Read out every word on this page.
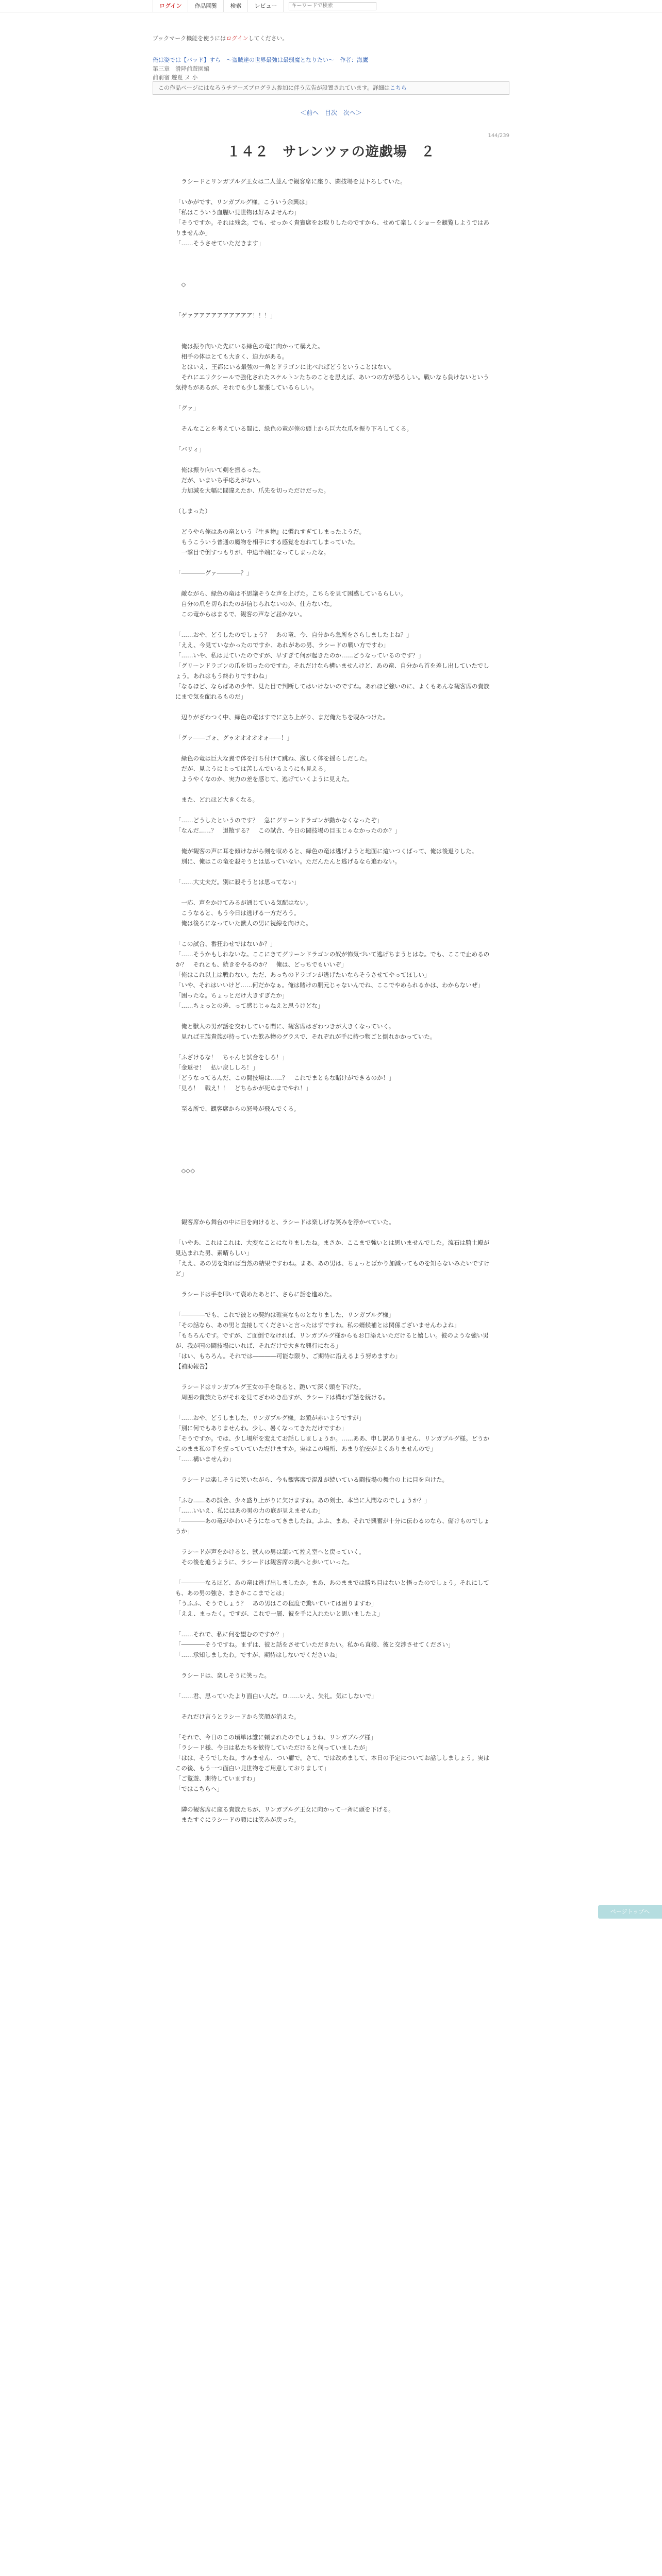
ログイン	作品閲覧	検索	レビュー
キーワードで検索
ブックマーク機能を使うにはログインしてください。
俺は姿では【バッド】すら　～盗賊達の世界最強は最弱魔となりたい～　作者：海鷹
第三章　滑降前遊園編
前前宿 遊夏 ヌ 小
この作品ページにはなろうチアーズプログラム参加に伴う広告が設置されています。詳細はこちら
＜前へ 目次 次へ＞
144/239
１４２　サレンツァの遊戯場　２

　ラシードとリンガブルグ王女は二人並んで観客席に座り、闘技場を見下ろしていた。

「いかがです、リンガブルグ様。こういう余興は」

「私はこういう血腥い見世物は好みませんわ」

「そうですか。それは残念。でも、せっかく貴賓席をお取りしたのですから、せめて楽しくショーを観覧しようではありませんか」

「……そうさせていただきます」

　◇

「ゲァアアアアアアアアアア！！！」

　俺は振り向いた先にいる緑色の竜に向かって構えた。

　相手の体はとても大きく、迫力がある。

　とはいえ、王都にいる最強の一角とドラゴンに比べればどうということはない。

　それにエリクシールで強化されたスケルトンたちのことを思えば、あいつの方が恐ろしい。戦いなら負けないという気持ちがあるが、それでも少し緊張しているらしい。

「グァ」

　そんなことを考えている間に、緑色の竜が俺の頭上から巨大な爪を振り下ろしてくる。

「バリィ」

　俺は振り向いて剣を振るった。

　だが、いまいち手応えがない。

　力加減を大幅に間違えたか、爪先を切っただけだった。

（しまった）

　どうやら俺はあの竜という『生き物』に慣れすぎてしまったようだ。

　もうこういう普通の魔物を相手にする感覚を忘れてしまっていた。

　一撃目で倒すつもりが、中途半端になってしまったな。

「――――グァ――――？」

　敵ながら、緑色の竜は不思議そうな声を上げた。こちらを見て困惑しているらしい。

　自分の爪を切られたのが信じられないのか、仕方ないな。

　この竜からはまるで、観客の声など届かない。

「……おや、どうしたのでしょう？　あの竜、今、自分から急所をさらしましたよね？」

「ええ、今見ていなかったのですか、あれがあの男、ラシードの戦い方ですわ」

「……いや、私は見ていたのですが、早すぎて何が起きたのか……どうなっているのです？」

「グリーンドラゴンの爪を切ったのですわ。それだけなら構いませんけど、あの竜、自分から首を差し出していたでしょう。あれはもう終わりですわね」

「なるほど、ならばあの少年、見た目で判断してはいけないのですね。あれほど強いのに、よくもあんな観客席の貴族にまで気を配れるものだ」

　辺りがざわつく中、緑色の竜はすでに立ち上がり、まだ俺たちを睨みつけた。

「グァ――ゴォ、グゥオオオオオォ――！」

　緑色の竜は巨大な翼で体を打ち付けて跳ね、激しく体を揺らしだした。

　だが、見ようによっては苦しんでいるようにも見える。

　ようやくなのか、実力の差を感じて、逃げていくように見えた。

　また、どれほど大きくなる。

「……どうしたというのです？　急にグリーンドラゴンが動かなくなったぞ」

「なんだ……？　退散する？　この試合、今日の闘技場の目玉じゃなかったのか？」

　俺が観客の声に耳を傾けながら剣を収めると、緑色の竜は逃げようと地面に這いつくばって、俺は後退りした。

　別に、俺はこの竜を殺そうとは思っていない。ただんたんと逃げるなら追わない。

「……大丈夫だ。別に殺そうとは思ってない」

　一応、声をかけてみるが通じている気配はない。

　こうなると、もう今日は逃げる一方だろう。

　俺は後ろになっていた獣人の男に視線を向けた。

「この試合、番狂わせではないか？」

「……そうかもしれないな。ここにきてグリーンドラゴンの奴が怖気づいて逃げちまうとはな。でも、ここで止めるのか？　それとも、続きをやるのか？　俺は、どっちでもいいぞ」

「俺はこれ以上は戦わない。ただ、あっちのドラゴンが逃げたいならそうさせてやってほしい」

「いや、それはいいけど……何だかなぁ。俺は賭けの胴元じゃないんでね、ここでやめられるかは、わからないぜ」

「困ったな。ちょっとだけ大きすぎたか」

「……ちょっとの差、って感じじゃねえと思うけどな」

　俺と獣人の男が話を交わしている間に、観客席はざわつきが大きくなっていく。

　見れば王族貴族が持っていた飲み物のグラスで、それぞれが手に持つ物ごと倒れかかっていた。

「ふざけるな！　ちゃんと試合をしろ！」

「金返せ！　払い戻ししろ！」

「どうなってるんだ、この闘技場は……？　これでまともな賭けができるのか！」

「見ろ！　戦え！！　どちらかが死ぬまでやれ！」

　至る所で、観客席からの怒号が飛んでくる。

　◇◇◇

　観客席から舞台の中に目を向けると、ラシードは楽しげな笑みを浮かべていた。

「いやあ、これはこれは、大変なことになりましたね。まさか、ここまで強いとは思いませんでした。流石は騎士殿が見込まれた男、素晴らしい」

「ええ、あの男を知れば当然の結果ですわね。まあ、あの男は、ちょっとばかり加減ってものを知らないみたいですけど」

　ラシードは手を叩いて褒めたあとに、さらに話を進めた。

「――――でも、これで彼との契約は確実なものとなりました、リンガブルグ様」

「その話なら、あの男と直接してくださいと言ったはずですわ。私の婿候補とは関係ございませんわよね」

「もちろんです。ですが、ご面倒でなければ、リンガブルグ様からもお口添えいただけると嬉しい。彼のような強い男が、我が国の闘技場にいれば、それだけで大きな興行になる」

「はい、もちろん。それでは――――可能な限り、ご期待に沿えるよう努めますわ」

【補助報告】

　ラシードはリンガブルグ王女の手を取ると、跪いて深く頭を下げた。

　周囲の貴族たちがそれを見てざわめき出すが、ラシードは構わず話を続ける。

「……おや、どうしました、リンガブルグ様。お顔が赤いようですが」

「別に何でもありませんわ。少し、暑くなってきただけですわ」

「そうですか。では、少し場所を変えてお話ししましょうか。……ああ、申し訳ありません、リンガブルグ様。どうかこのまま私の手を握っていていただけますか。実はこの場所、あまり治安がよくありませんので」

「……構いませんわ」

　ラシードは楽しそうに笑いながら、今も観客席で混乱が続いている闘技場の舞台の上に目を向けた。

「ふむ……あの試合、少々盛り上がりに欠けますね。あの剣士、本当に人間なのでしょうか？」

「……いいえ、私にはあの男の力の底が見えませんわ」

「――――あの竜がかわいそうになってきましたね。ふふ、まあ、それで興奮が十分に伝わるのなら、儲けものでしょうか」

　ラシードが声をかけると、獣人の男は頷いて控え室へと戻っていく。

　その後を追うように、ラシードは観客席の奥へと歩いていった。

「――――なるほど、あの竜は逃げ出しましたか。まあ、あのままでは勝ち目はないと悟ったのでしょう。それにしても、あの男の強さ、まさかここまでとは」

「うふふ、そうでしょう？　あの男はこの程度で驚いていては困りますわ」

「ええ、まったく。ですが、これで一層、彼を手に入れたいと思いましたよ」

「……それで、私に何を望むのですか？」

「――――そうですね。まずは、彼と話をさせていただきたい。私から直接、彼と交渉させてください」

「……承知しましたわ。ですが、期待はしないでくださいね」

　ラシードは、楽しそうに笑った。

「……君、思っていたより面白い人だ。ロ……いえ、失礼。気にしないで」

　それだけ言うとラシードから笑顔が消えた。

「それで、今日のこの頃単は誰に頼まれたのでしょうね、リンガブルグ様」

「ラシード様、今日は私たちを歓待していただけると伺っていましたが」

「はは、そうでしたね。すみません、つい癖で。さて、では改めまして、本日の予定についてお話ししましょう。実はこの後、もう一つ面白い見世物をご用意しておりまして」

「ご覧遊、期待していますわ」

「ではこちらへ」

　隣の観客席に座る貴族たちが、リンガブルグ王女に向かって一斉に頭を下げる。

　またすぐにラシードの顔には笑みが戻った。

ページトップへ
